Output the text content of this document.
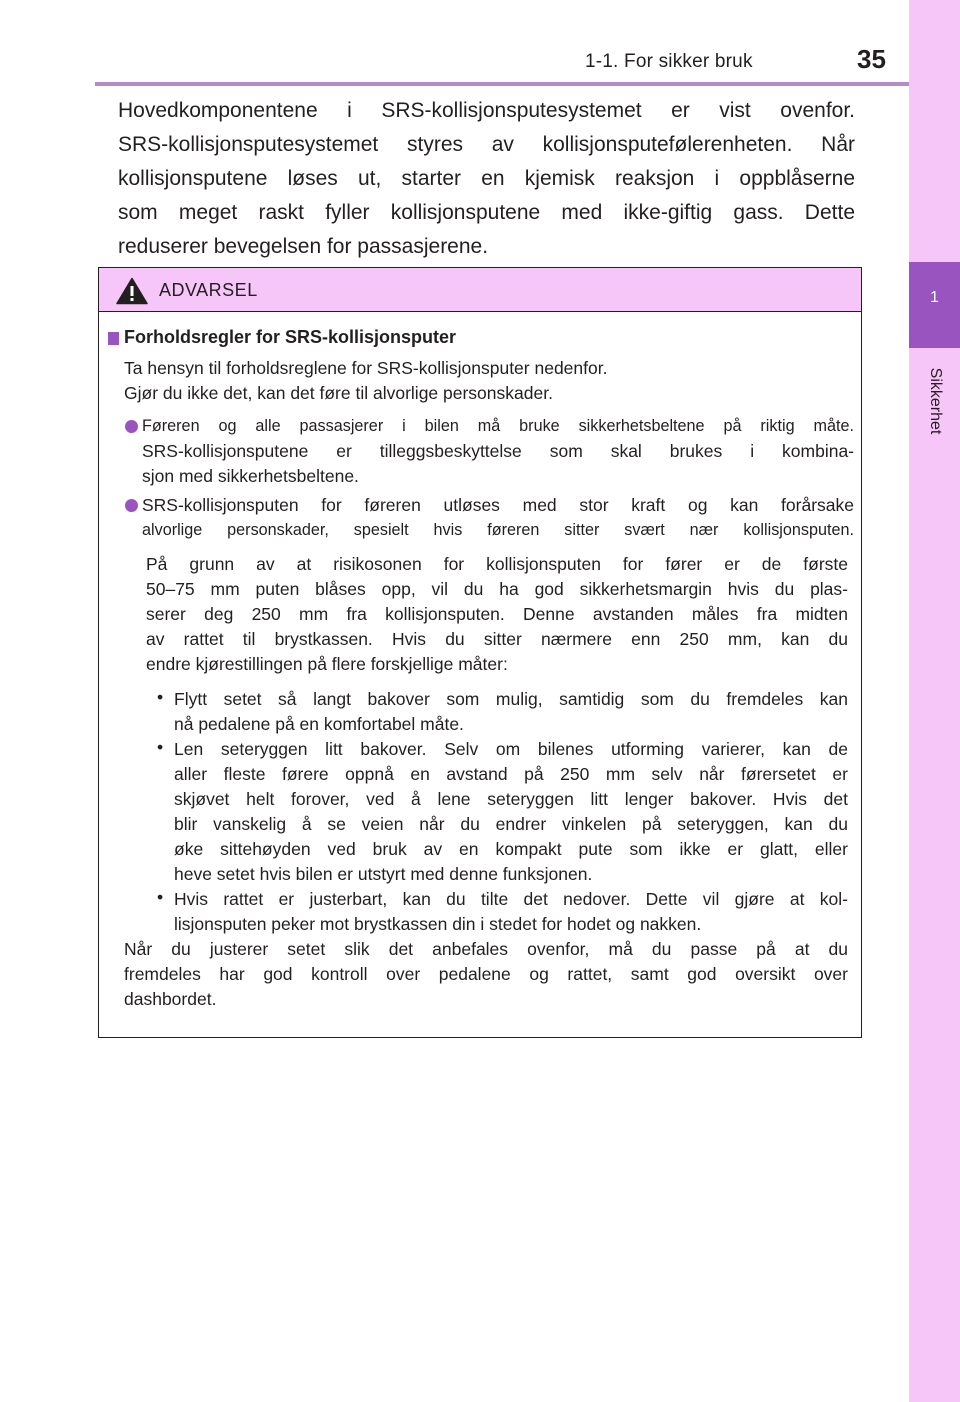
1
Sikkerhet
1-1. For sikker bruk	35
Hovedkomponentene i SRS-kollisjonsputesystemet er vist ovenfor.
SRS-kollisjonsputesystemet styres av kollisjonsputefølerenheten. Når
kollisjonsputene løses ut, starter en kjemisk reaksjon i oppblåserne
som meget raskt fyller kollisjonsputene med ikke-giftig gass. Dette
reduserer bevegelsen for passasjerene.
ADVARSEL
Forholdsregler for SRS-kollisjonsputer
Ta hensyn til forholdsreglene for SRS-kollisjonsputer nedenfor.
Gjør du ikke det, kan det føre til alvorlige personskader.
Føreren og alle passasjerer i bilen må bruke sikkerhetsbeltene på riktig måte.
SRS-kollisjonsputene er tilleggsbeskyttelse som skal brukes i kombina-
sjon med sikkerhetsbeltene.
SRS-kollisjonsputen for føreren utløses med stor kraft og kan forårsake
alvorlige personskader, spesielt hvis føreren sitter svært nær kollisjonsputen.
På grunn av at risikosonen for kollisjonsputen for fører er de første
50–75 mm puten blåses opp, vil du ha god sikkerhetsmargin hvis du plas-
serer deg 250 mm fra kollisjonsputen. Denne avstanden måles fra midten
av rattet til brystkassen. Hvis du sitter nærmere enn 250 mm, kan du
endre kjørestillingen på flere forskjellige måter:
• Flytt setet så langt bakover som mulig, samtidig som du fremdeles kan
nå pedalene på en komfortabel måte.
• Len seteryggen litt bakover. Selv om bilenes utforming varierer, kan de
aller fleste førere oppnå en avstand på 250 mm selv når førersetet er
skjøvet helt forover, ved å lene seteryggen litt lenger bakover. Hvis det
blir vanskelig å se veien når du endrer vinkelen på seteryggen, kan du
øke sittehøyden ved bruk av en kompakt pute som ikke er glatt, eller
heve setet hvis bilen er utstyrt med denne funksjonen.
• Hvis rattet er justerbart, kan du tilte det nedover. Dette vil gjøre at kol-
lisjonsputen peker mot brystkassen din i stedet for hodet og nakken.
Når du justerer setet slik det anbefales ovenfor, må du passe på at du
fremdeles har god kontroll over pedalene og rattet, samt god oversikt over
dashbordet.
